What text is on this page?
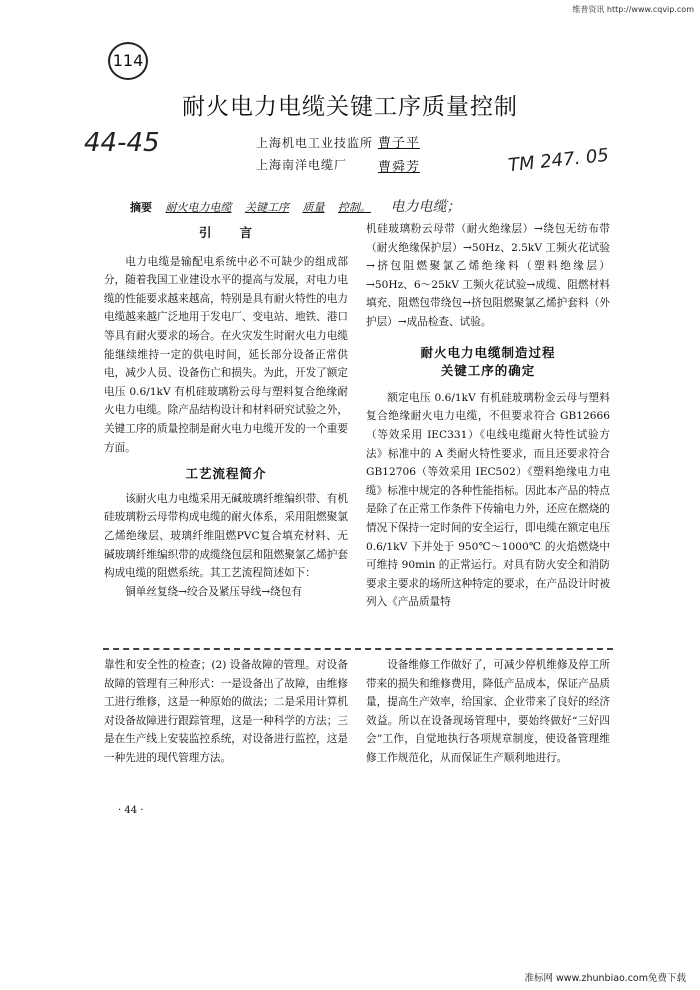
维普资讯 http://www.cqvip.com
114
44-45
TM 247. 05
耐火电力电缆关键工序质量控制
上海机电工业技监所 曹子平
上海南洋电缆厂 曹舜芳
摘要 耐火电力电缆 关键工序 质量 控制。 电力电缆；
引　　言

电力电缆是输配电系统中必不可缺少的组成部分，随着我国工业建设水平的提高与发展，对电力电缆的性能要求越来越高，特别是具有耐火特性的电力电缆越来越广泛地用于发电厂、变电站、地铁、港口等具有耐火要求的场合。在火灾发生时耐火电力电缆能继续维持一定的供电时间，延长部分设备正常供电，减少人员、设备伤亡和损失。为此，开发了额定电压 0.6/1kV 有机硅玻璃粉云母与塑料复合绝缘耐火电力电缆。除产品结构设计和材料研究试验之外，关键工序的质量控制是耐火电力电缆开发的一个重要方面。

工艺流程简介

该耐火电力电缆采用无碱玻璃纤维编织带、有机硅玻璃粉云母带构成电缆的耐火体系，采用阻燃聚氯乙烯绝缘层、玻璃纤维阻燃PVC复合填充材料、无碱玻璃纤维编织带的成缆绕包层和阻燃聚氯乙烯护套构成电缆的阻燃系统。其工艺流程简述如下：

铜单丝复绕→绞合及紧压导线→绕包有

机硅玻璃粉云母带（耐火绝缘层）→绕包无纺布带（耐火绝缘保护层）→50Hz、2.5kV 工频火花试验→挤包阻燃聚氯乙烯绝缘料（塑料绝缘层）→50Hz、6～25kV 工频火花试验→成缆、阻燃材料填充、阻燃包带绕包→挤包阻燃聚氯乙烯护套料（外护层）→成品检查、试验。

耐火电力电缆制造过程
关键工序的确定

额定电压 0.6/1kV 有机硅玻璃粉金云母与塑料复合绝缘耐火电力电缆，不但要求符合 GB12666（等效采用 IEC331）《电线电缆耐火特性试验方法》标准中的 A 类耐火特性要求，而且还要求符合 GB12706（等效采用 IEC502）《塑料绝缘电力电缆》标准中规定的各种性能指标。因此本产品的特点是除了在正常工作条件下传输电力外，还应在燃烧的情况下保持一定时间的安全运行，即电缆在额定电压 0.6/1kV 下并处于 950℃～1000℃ 的火焰燃烧中可维持 90min 的正常运行。对具有防火安全和消防要求主要求的场所这种特定的要求，在产品设计时被列入《产品质量特

靠性和安全性的检查；(2) 设备故障的管理。对设备故障的管理有三种形式：一是设备出了故障，由维修工进行维修，这是一种原始的做法；二是采用计算机对设备故障进行跟踪管理，这是一种科学的方法；三是在生产线上安装监控系统，对设备进行监控，这是一种先进的现代管理方法。

设备维修工作做好了，可减少停机维修及停工所带来的损失和维修费用，降低产品成本，保证产品质量，提高生产效率，给国家、企业带来了良好的经济效益。所以在设备现场管理中，要始终做好“三好四会”工作，自觉地执行各项规章制度，使设备管理维修工作规范化，从而保证生产顺利地进行。

· 44 ·
准标网 www.zhunbiao.com免费下载
